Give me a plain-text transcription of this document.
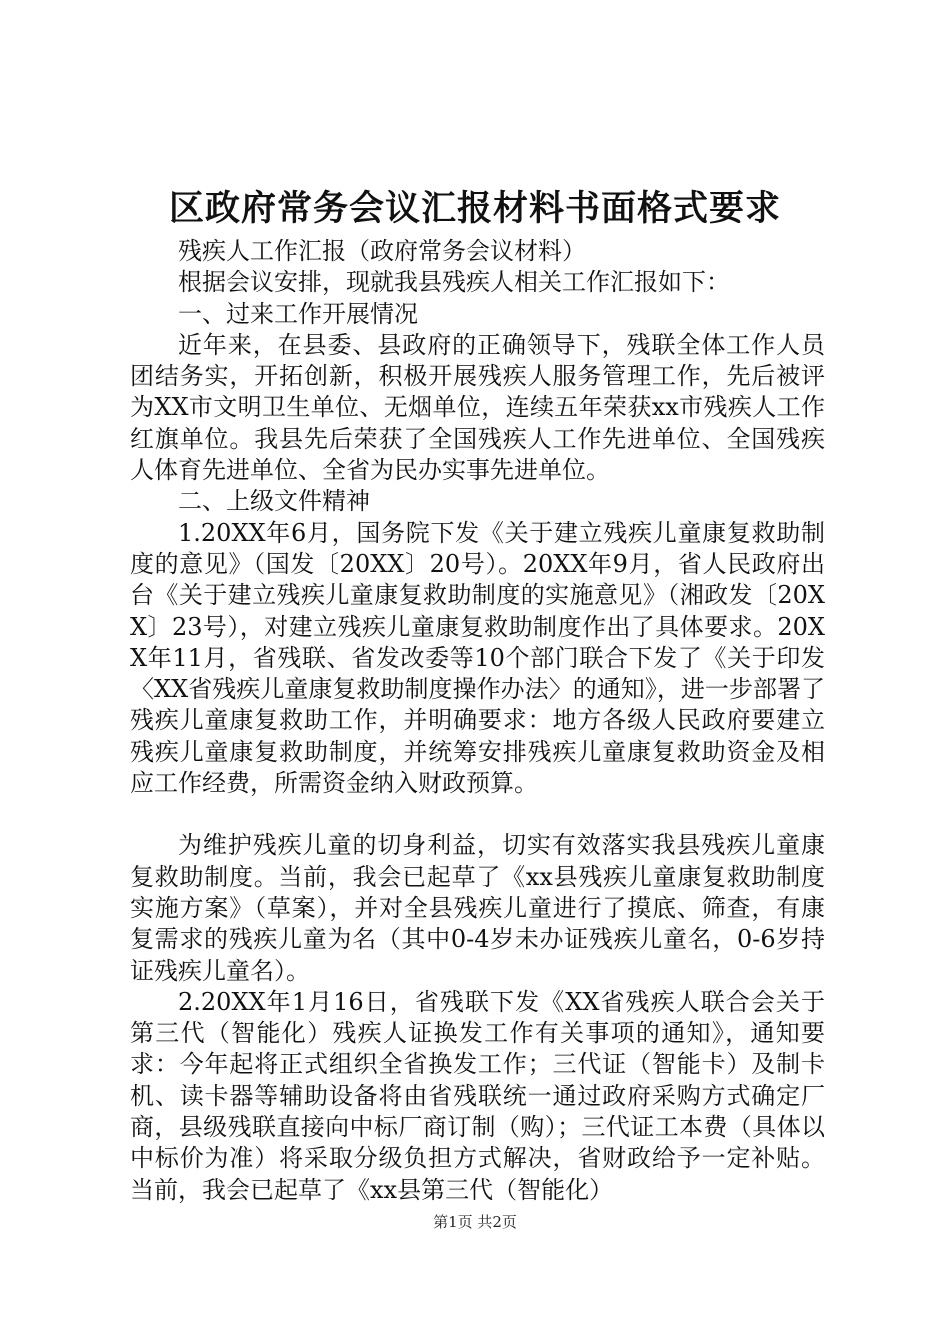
区政府常务会议汇报材料书面格式要求

残疾人工作汇报（政府常务会议材料）

根据会议安排，现就我县残疾人相关工作汇报如下：

一、过来工作开展情况

近年来，在县委、县政府的正确领导下，残联全体工作人员团结务实，开拓创新，积极开展残疾人服务管理工作，先后被评为XX市文明卫生单位、无烟单位，连续五年荣获xx市残疾人工作红旗单位。我县先后荣获了全国残疾人工作先进单位、全国残疾人体育先进单位、全省为民办实事先进单位。

二、上级文件精神

1.20XX年6月，国务院下发《关于建立残疾儿童康复救助制度的意见》（国发〔20XX〕20号）。20XX年9月，省人民政府出台《关于建立残疾儿童康复救助制度的实施意见》（湘政发〔20XX〕23号），对建立残疾儿童康复救助制度作出了具体要求。20XX年11月，省残联、省发改委等10个部门联合下发了《关于印发〈XX省残疾儿童康复救助制度操作办法〉的通知》，进一步部署了残疾儿童康复救助工作，并明确要求：地方各级人民政府要建立残疾儿童康复救助制度，并统筹安排残疾儿童康复救助资金及相应工作经费，所需资金纳入财政预算。

为维护残疾儿童的切身利益，切实有效落实我县残疾儿童康复救助制度。当前，我会已起草了《xx县残疾儿童康复救助制度实施方案》（草案），并对全县残疾儿童进行了摸底、筛查，有康复需求的残疾儿童为名（其中0-4岁未办证残疾儿童名，0-6岁持证残疾儿童名）。

2.20XX年1月16日，省残联下发《XX省残疾人联合会关于第三代（智能化）残疾人证换发工作有关事项的通知》，通知要求：今年起将正式组织全省换发工作；三代证（智能卡）及制卡机、读卡器等辅助设备将由省残联统一通过政府采购方式确定厂商，县级残联直接向中标厂商订制（购）；三代证工本费（具体以中标价为准）将采取分级负担方式解决，省财政给予一定补贴。当前，我会已起草了《xx县第三代（智能化）

第1页 共2页
